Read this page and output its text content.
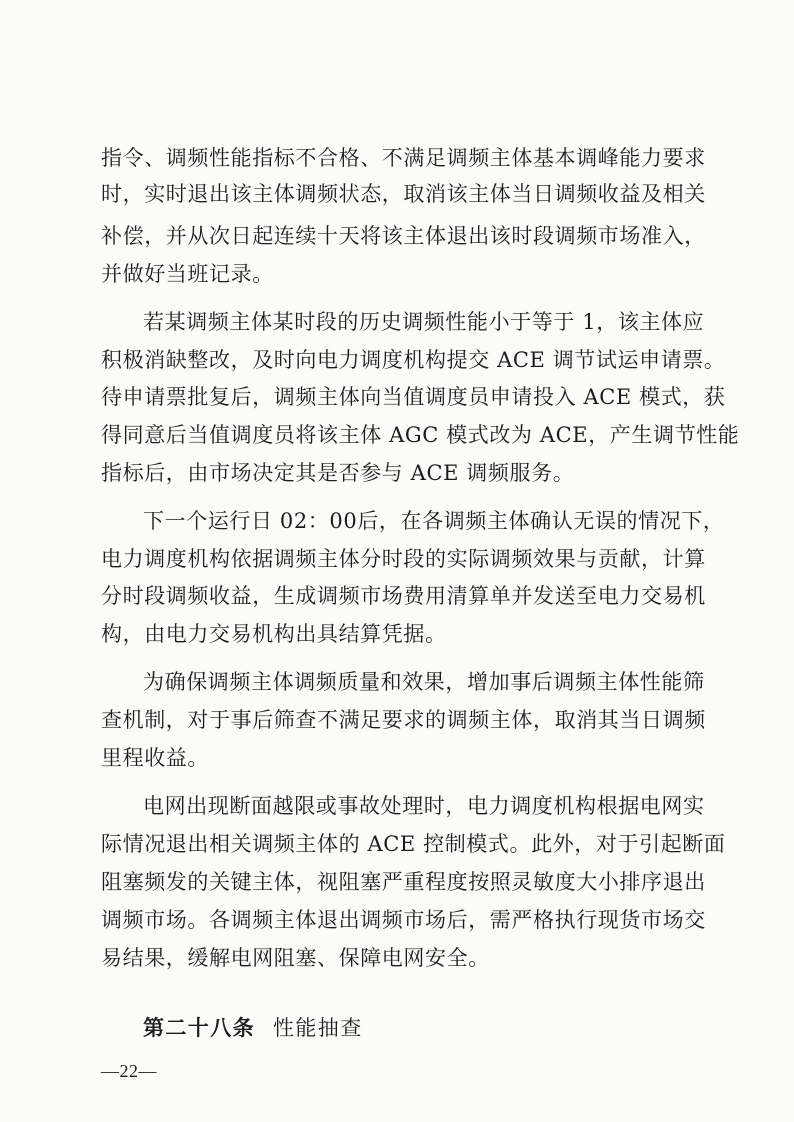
指令、调频性能指标不合格、不满足调频主体基本调峰能力要求
时，实时退出该主体调频状态，取消该主体当日调频收益及相关
补偿，并从次日起连续十天将该主体退出该时段调频市场准入，
并做好当班记录。
若某调频主体某时段的历史调频性能小于等于 1，该主体应
积极消缺整改，及时向电力调度机构提交 ACE 调节试运申请票。
待申请票批复后，调频主体向当值调度员申请投入 ACE 模式，获
得同意后当值调度员将该主体 AGC 模式改为 ACE，产生调节性能
指标后，由市场决定其是否参与 ACE 调频服务。
下一个运行日 02：00后，在各调频主体确认无误的情况下，
电力调度机构依据调频主体分时段的实际调频效果与贡献，计算
分时段调频收益，生成调频市场费用清算单并发送至电力交易机
构，由电力交易机构出具结算凭据。
为确保调频主体调频质量和效果，增加事后调频主体性能筛
查机制，对于事后筛查不满足要求的调频主体，取消其当日调频
里程收益。
电网出现断面越限或事故处理时，电力调度机构根据电网实
际情况退出相关调频主体的 ACE 控制模式。此外，对于引起断面
阻塞频发的关键主体，视阻塞严重程度按照灵敏度大小排序退出
调频市场。各调频主体退出调频市场后，需严格执行现货市场交
易结果，缓解电网阻塞、保障电网安全。
第二十八条 性能抽查
—22—
